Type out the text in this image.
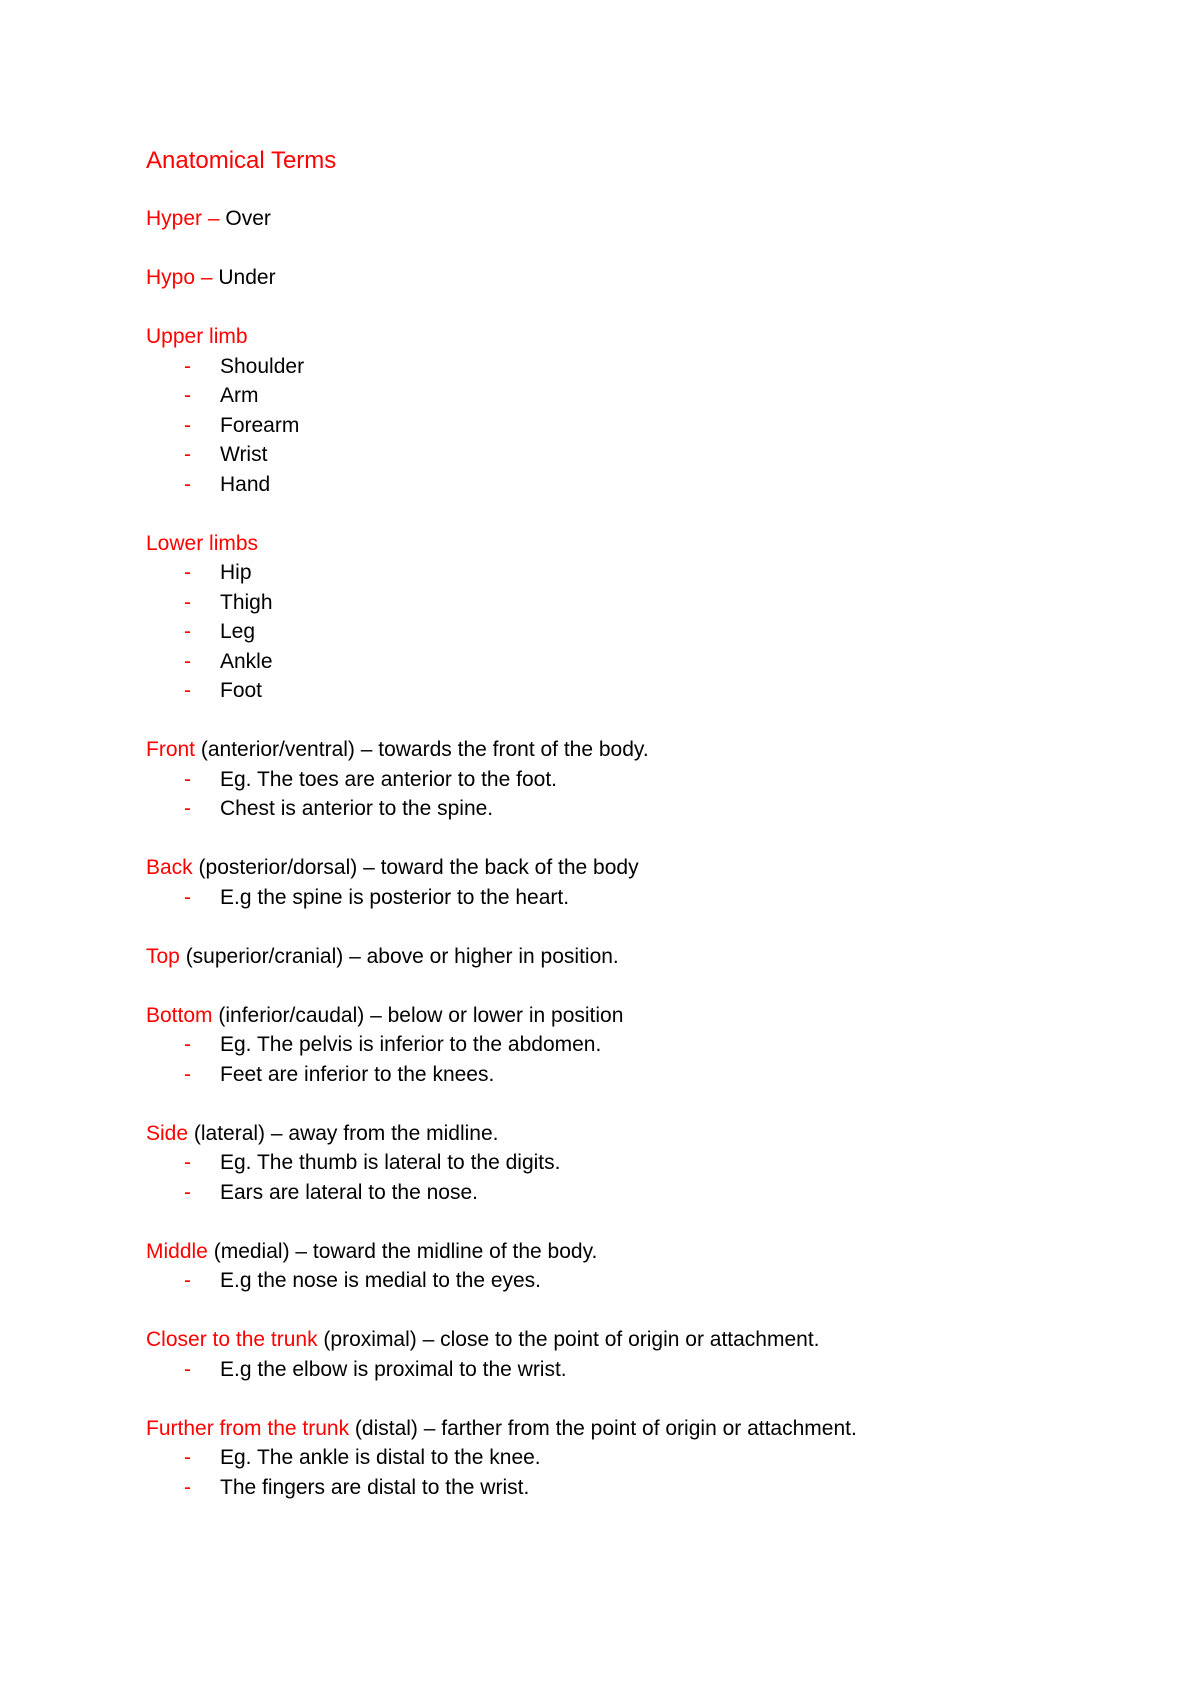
Anatomical Terms
Hyper – Over
Hypo – Under
Upper limb
- Shoulder
- Arm
- Forearm
- Wrist
- Hand
Lower limbs
- Hip
- Thigh
- Leg
- Ankle
- Foot
Front (anterior/ventral) – towards the front of the body.
- Eg. The toes are anterior to the foot.
- Chest is anterior to the spine.
Back (posterior/dorsal) – toward the back of the body
- E.g the spine is posterior to the heart.
Top (superior/cranial) – above or higher in position.
Bottom (inferior/caudal) – below or lower in position
- Eg. The pelvis is inferior to the abdomen.
- Feet are inferior to the knees.
Side (lateral) – away from the midline.
- Eg. The thumb is lateral to the digits.
- Ears are lateral to the nose.
Middle (medial) – toward the midline of the body.
- E.g the nose is medial to the eyes.
Closer to the trunk (proximal) – close to the point of origin or attachment.
- E.g the elbow is proximal to the wrist.
Further from the trunk (distal) – farther from the point of origin or attachment.
- Eg. The ankle is distal to the knee.
- The fingers are distal to the wrist.
